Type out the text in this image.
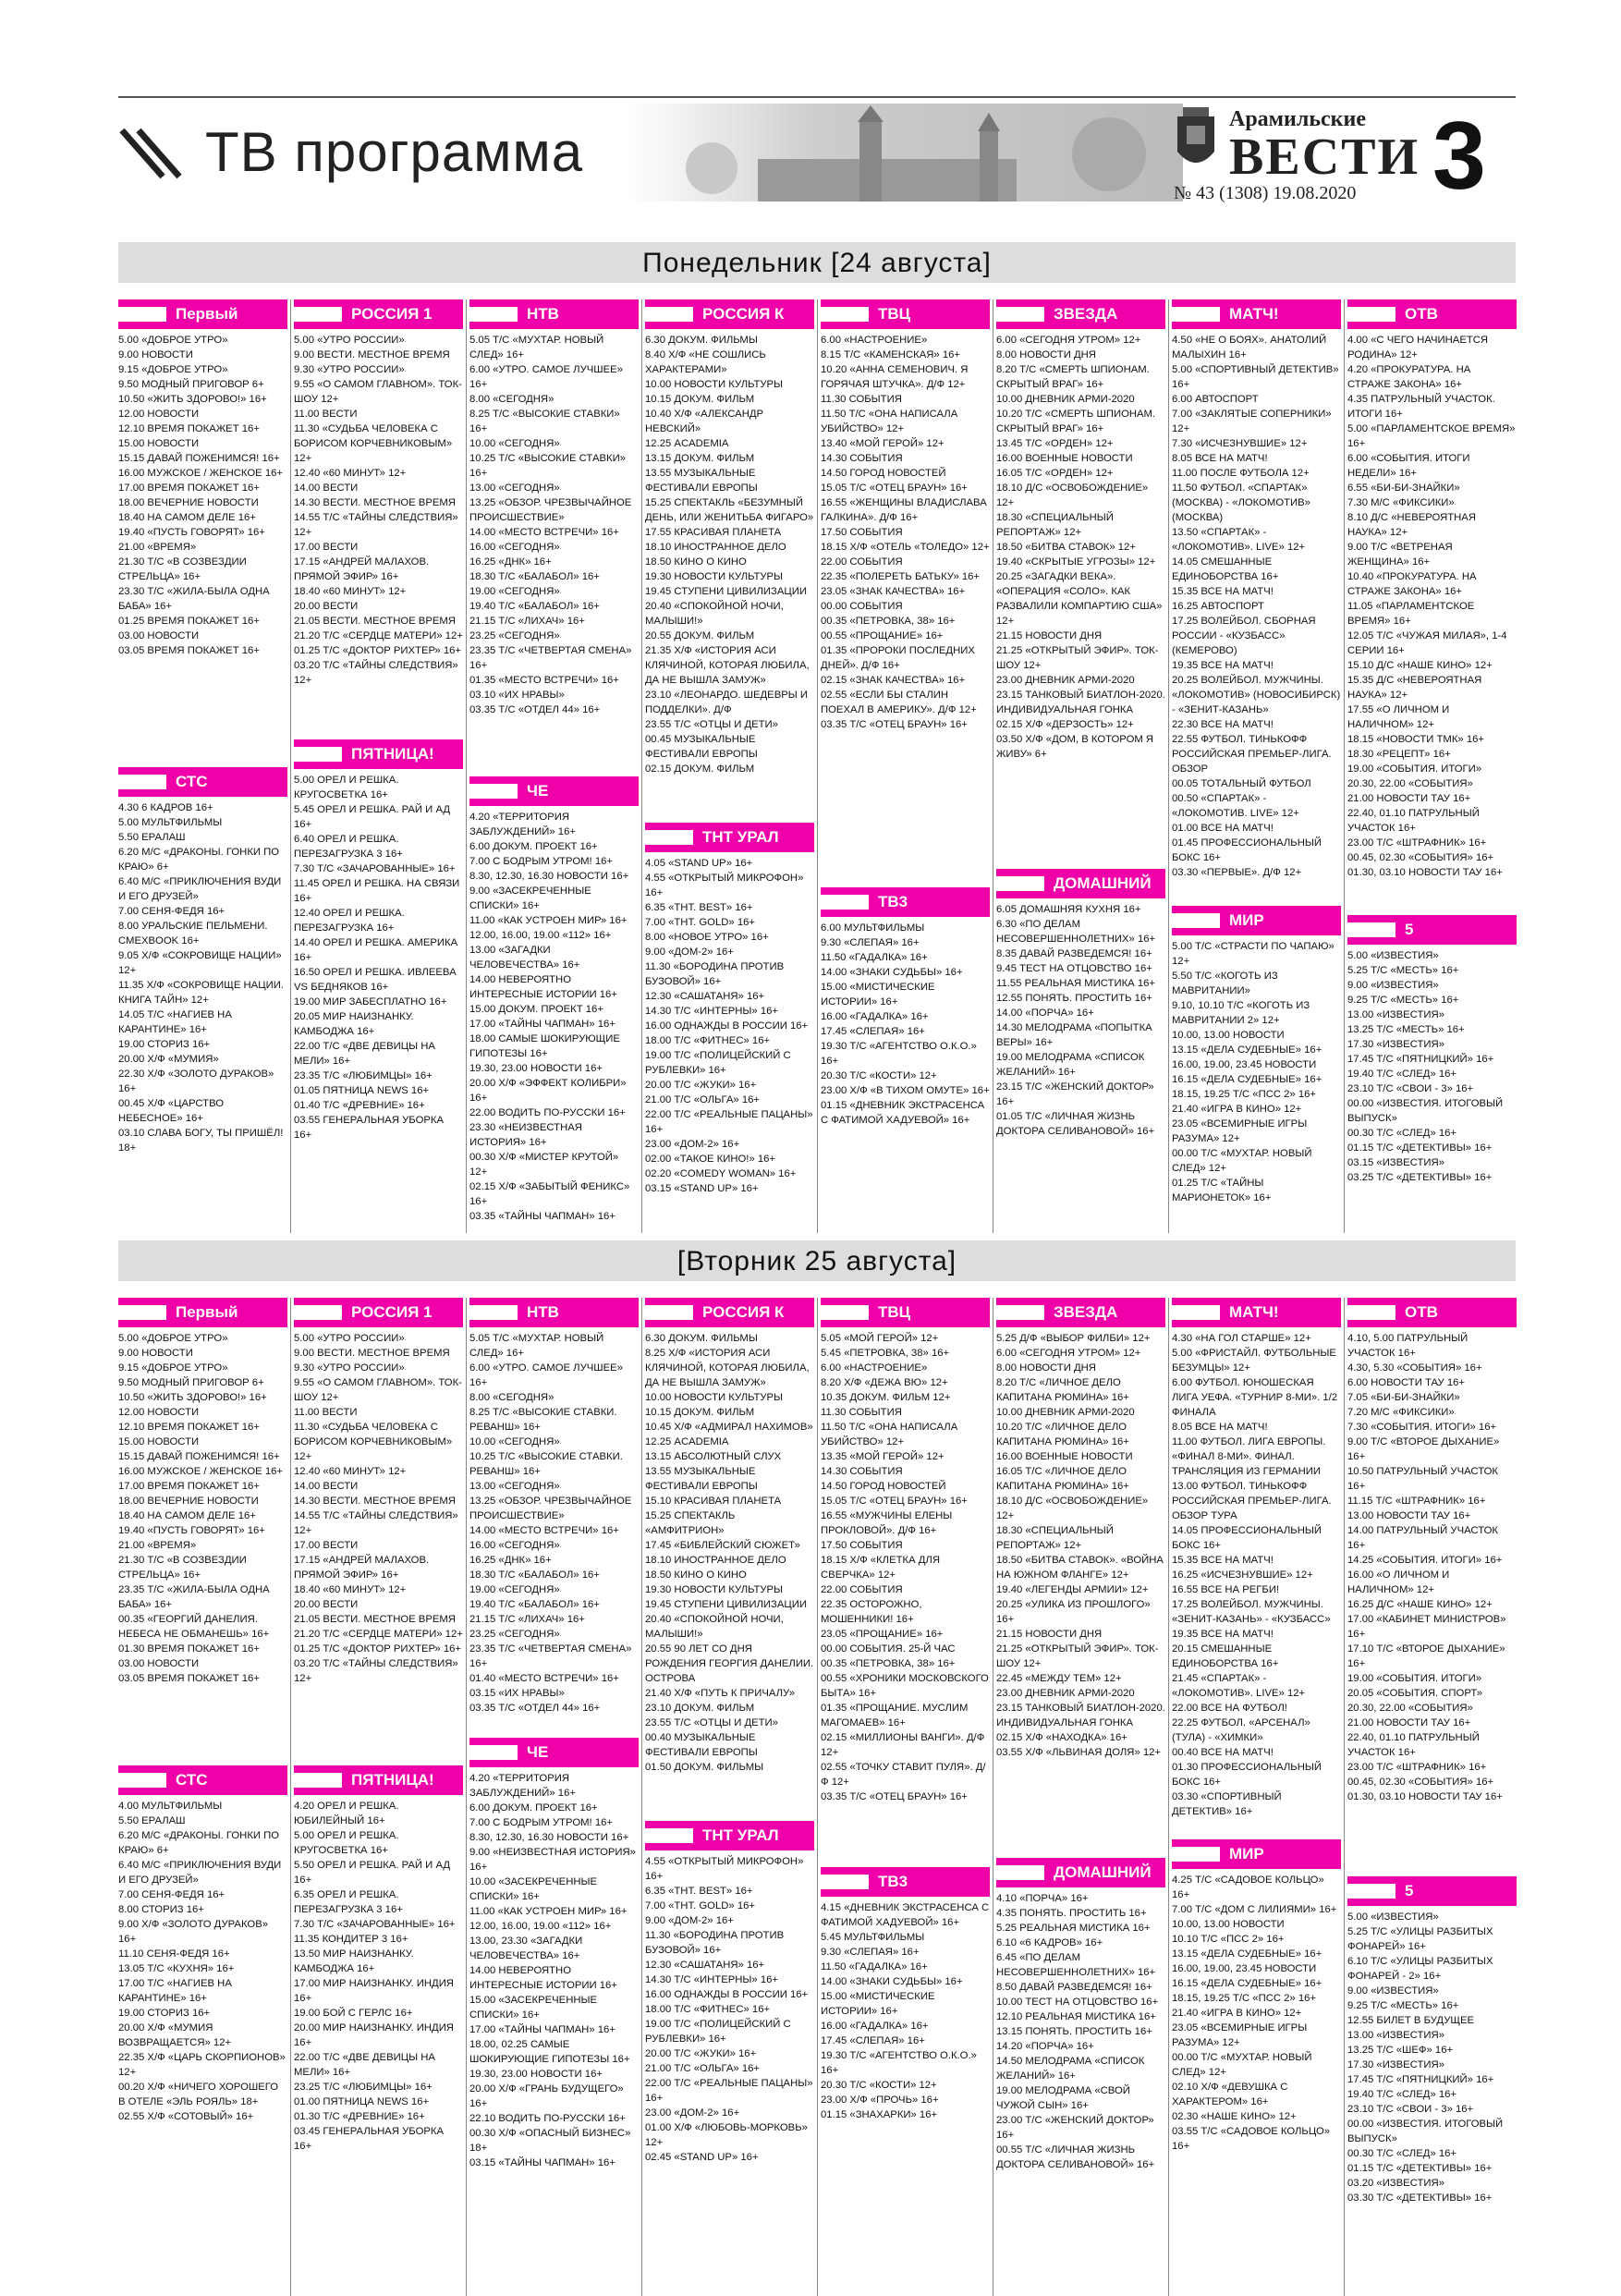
ТВ программа
Арамильские
ВЕСТИ
№ 43 (1308) 19.08.2020 3
Понедельник [24 августа]
Первый
5.00 «ДОБРОЕ УТРО»
9.00 НОВОСТИ
9.15 «ДОБРОЕ УТРО»
9.50 МОДНЫЙ ПРИГОВОР 6+
10.50 «ЖИТЬ ЗДОРОВО!» 16+
12.00 НОВОСТИ
12.10 ВРЕМЯ ПОКАЖЕТ 16+
15.00 НОВОСТИ
15.15 ДАВАЙ ПОЖЕНИМСЯ! 16+
16.00 МУЖСКОЕ / ЖЕНСКОЕ 16+
17.00 ВРЕМЯ ПОКАЖЕТ 16+
18.00 ВЕЧЕРНИЕ НОВОСТИ
18.40 НА САМОМ ДЕЛЕ 16+
19.40 «ПУСТЬ ГОВОРЯТ» 16+
21.00 «ВРЕМЯ»
21.30 Т/С «В СОЗВЕЗДИИ СТРЕЛЬЦА» 16+
23.30 Т/С «ЖИЛА-БЫЛА ОДНА БАБА» 16+
01.25 ВРЕМЯ ПОКАЖЕТ 16+
03.00 НОВОСТИ
03.05 ВРЕМЯ ПОКАЖЕТ 16+
СТС
4.30 6 КАДРОВ 16+
5.00 МУЛЬТФИЛЬМЫ
5.50 ЕРАЛАШ
6.20 М/С «ДРАКОНЫ. ГОНКИ ПО КРАЮ» 6+
6.40 М/С «ПРИКЛЮЧЕНИЯ ВУДИ И ЕГО ДРУЗЕЙ»
7.00 СЕНЯ-ФЕДЯ 16+
8.00 УРАЛЬСКИЕ ПЕЛЬМЕНИ. СМЕХBOOK 16+
9.05 Х/Ф «СОКРОВИЩЕ НАЦИИ» 12+
11.35 Х/Ф «СОКРОВИЩЕ НАЦИИ. КНИГА ТАЙН» 12+
14.05 Т/С «НАГИЕВ НА КАРАНТИНЕ» 16+
19.00 СТОРИЗ 16+
20.00 Х/Ф «МУМИЯ»
22.30 Х/Ф «ЗОЛОТО ДУРАКОВ» 16+
00.45 Х/Ф «ЦАРСТВО НЕБЕСНОЕ» 16+
03.10 СЛАВА БОГУ, ТЫ ПРИШЁЛ! 18+
РОССИЯ 1
5.00 «УТРО РОССИИ»
9.00 ВЕСТИ. МЕСТНОЕ ВРЕМЯ
9.30 «УТРО РОССИИ»
9.55 «О САМОМ ГЛАВНОМ». ТОК-ШОУ 12+
11.00 ВЕСТИ
11.30 «СУДЬБА ЧЕЛОВЕКА С БОРИСОМ КОРЧЕВНИКОВЫМ» 12+
12.40 «60 МИНУТ» 12+
14.00 ВЕСТИ
14.30 ВЕСТИ. МЕСТНОЕ ВРЕМЯ
14.55 Т/С «ТАЙНЫ СЛЕДСТВИЯ» 12+
17.00 ВЕСТИ
17.15 «АНДРЕЙ МАЛАХОВ. ПРЯМОЙ ЭФИР» 16+
18.40 «60 МИНУТ» 12+
20.00 ВЕСТИ
21.05 ВЕСТИ. МЕСТНОЕ ВРЕМЯ
21.20 Т/С «СЕРДЦЕ МАТЕРИ» 12+
01.25 Т/С «ДОКТОР РИХТЕР» 16+
03.20 Т/С «ТАЙНЫ СЛЕДСТВИЯ» 12+
ПЯТНИЦА!
5.00 ОРЕЛ И РЕШКА. КРУГОСВЕТКА 16+
5.45 ОРЕЛ И РЕШКА. РАЙ И АД 16+
6.40 ОРЕЛ И РЕШКА. ПЕРЕЗАГРУЗКА 3 16+
7.30 Т/С «ЗАЧАРОВАННЫЕ» 16+
11.45 ОРЕЛ И РЕШКА. НА СВЯЗИ 16+
12.40 ОРЕЛ И РЕШКА. ПЕРЕЗАГРУЗКА 16+
14.40 ОРЕЛ И РЕШКА. АМЕРИКА 16+
16.50 ОРЕЛ И РЕШКА. ИВЛЕЕВА VS БЕДНЯКОВ 16+
19.00 МИР ЗАБЕСПЛАТНО 16+
20.05 МИР НАИЗНАНКУ. КАМБОДЖА 16+
22.00 Т/С «ДВЕ ДЕВИЦЫ НА МЕЛИ» 16+
23.35 Т/С «ЛЮБИМЦЫ» 16+
01.05 ПЯТНИЦА NEWS 16+
01.40 Т/С «ДРЕВНИЕ» 16+
03.55 ГЕНЕРАЛЬНАЯ УБОРКА 16+
НТВ
5.05 Т/С «МУХТАР. НОВЫЙ СЛЕД» 16+
6.00 «УТРО. САМОЕ ЛУЧШЕЕ» 16+
8.00 «СЕГОДНЯ»
8.25 Т/С «ВЫСОКИЕ СТАВКИ» 16+
10.00 «СЕГОДНЯ»
10.25 Т/С «ВЫСОКИЕ СТАВКИ» 16+
13.00 «СЕГОДНЯ»
13.25 «ОБЗОР. ЧРЕЗВЫЧАЙНОЕ ПРОИСШЕСТВИЕ»
14.00 «МЕСТО ВСТРЕЧИ» 16+
16.00 «СЕГОДНЯ»
16.25 «ДНК» 16+
18.30 Т/С «БАЛАБОЛ» 16+
19.00 «СЕГОДНЯ»
19.40 Т/С «БАЛАБОЛ» 16+
21.15 Т/С «ЛИХАЧ» 16+
23.25 «СЕГОДНЯ»
23.35 Т/С «ЧЕТВЕРТАЯ СМЕНА» 16+
01.35 «МЕСТО ВСТРЕЧИ» 16+
03.10 «ИХ НРАВЫ»
03.35 Т/С «ОТДЕЛ 44» 16+
ЧЕ
4.20 «ТЕРРИТОРИЯ ЗАБЛУЖДЕНИЙ» 16+
6.00 ДОКУМ. ПРОЕКТ 16+
7.00 С БОДРЫМ УТРОМ! 16+
8.30, 12.30, 16.30 НОВОСТИ 16+
9.00 «ЗАСЕКРЕЧЕННЫЕ СПИСКИ» 16+
11.00 «КАК УСТРОЕН МИР» 16+
12.00, 16.00, 19.00 «112» 16+
13.00 «ЗАГАДКИ ЧЕЛОВЕЧЕСТВА» 16+
14.00 НЕВЕРОЯТНО ИНТЕРЕСНЫЕ ИСТОРИИ 16+
15.00 ДОКУМ. ПРОЕКТ 16+
17.00 «ТАЙНЫ ЧАПМАН» 16+
18.00 САМЫЕ ШОКИРУЮЩИЕ ГИПОТЕЗЫ 16+
19.30, 23.00 НОВОСТИ 16+
20.00 Х/Ф «ЭФФЕКТ КОЛИБРИ» 16+
22.00 ВОДИТЬ ПО-РУССКИ 16+
23.30 «НЕИЗВЕСТНАЯ ИСТОРИЯ» 16+
00.30 Х/Ф «МИСТЕР КРУТОЙ» 12+
02.15 Х/Ф «ЗАБЫТЫЙ ФЕНИКС» 16+
03.35 «ТАЙНЫ ЧАПМАН» 16+
РОССИЯ К
6.30 ДОКУМ. ФИЛЬМЫ
8.40 Х/Ф «НЕ СОШЛИСЬ ХАРАКТЕРАМИ»
10.00 НОВОСТИ КУЛЬТУРЫ
10.15 ДОКУМ. ФИЛЬМ
10.40 Х/Ф «АЛЕКСАНДР НЕВСКИЙ»
12.25 ACADEMIA
13.15 ДОКУМ. ФИЛЬМ
13.55 МУЗЫКАЛЬНЫЕ ФЕСТИВАЛИ ЕВРОПЫ
15.25 СПЕКТАКЛЬ «БЕЗУМНЫЙ ДЕНЬ, ИЛИ ЖЕНИТЬБА ФИГАРО»
17.55 КРАСИВАЯ ПЛАНЕТА
18.10 ИНОСТРАННОЕ ДЕЛО
18.50 КИНО О КИНО
19.30 НОВОСТИ КУЛЬТУРЫ
19.45 СТУПЕНИ ЦИВИЛИЗАЦИИ
20.40 «СПОКОЙНОЙ НОЧИ, МАЛЫШИ!»
20.55 ДОКУМ. ФИЛЬМ
21.35 Х/Ф «ИСТОРИЯ АСИ КЛЯЧИНОЙ, КОТОРАЯ ЛЮБИЛА, ДА НЕ ВЫШЛА ЗАМУЖ»
23.10 «ЛЕОНАРДО. ШЕДЕВРЫ И ПОДДЕЛКИ». Д/Ф
23.55 Т/С «ОТЦЫ И ДЕТИ»
00.45 МУЗЫКАЛЬНЫЕ ФЕСТИВАЛИ ЕВРОПЫ
02.15 ДОКУМ. ФИЛЬМ
ТНТ УРАЛ
4.05 «STAND UP» 16+
4.55 «ОТКРЫТЫЙ МИКРОФОН» 16+
6.35 «ТНТ. BEST» 16+
7.00 «ТНТ. GOLD» 16+
8.00 «НОВОЕ УТРО» 16+
9.00 «ДОМ-2» 16+
11.30 «БОРОДИНА ПРОТИВ БУЗОВОЙ» 16+
12.30 «САШАТАНЯ» 16+
14.30 Т/С «ИНТЕРНЫ» 16+
16.00 ОДНАЖДЫ В РОССИИ 16+
18.00 Т/С «ФИТНЕС» 16+
19.00 Т/С «ПОЛИЦЕЙСКИЙ С РУБЛЕВКИ» 16+
20.00 Т/С «ЖУКИ» 16+
21.00 Т/С «ОЛЬГА» 16+
22.00 Т/С «РЕАЛЬНЫЕ ПАЦАНЫ» 16+
23.00 «ДОМ-2» 16+
02.00 «ТАКОЕ КИНО!» 16+
02.20 «COMEDY WOMAN» 16+
03.15 «STAND UP» 16+
ТВЦ
6.00 «НАСТРОЕНИЕ»
8.15 Т/С «КАМЕНСКАЯ» 16+
10.20 «АННА СЕМЕНОВИЧ. Я ГОРЯЧАЯ ШТУЧКА». Д/Ф 12+
11.30 СОБЫТИЯ
11.50 Т/С «ОНА НАПИСАЛА УБИЙСТВО» 12+
13.40 «МОЙ ГЕРОЙ» 12+
14.30 СОБЫТИЯ
14.50 ГОРОД НОВОСТЕЙ
15.05 Т/С «ОТЕЦ БРАУН» 16+
16.55 «ЖЕНЩИНЫ ВЛАДИСЛАВА ГАЛКИНА». Д/Ф 16+
17.50 СОБЫТИЯ
18.15 Х/Ф «ОТЕЛЬ «ТОЛЕДО» 12+
22.00 СОБЫТИЯ
22.35 «ПОЛЕРЕТЬ БАТЬКУ» 16+
23.05 «ЗНАК КАЧЕСТВА» 16+
00.00 СОБЫТИЯ
00.35 «ПЕТРОВКА, 38» 16+
00.55 «ПРОЩАНИЕ» 16+
01.35 «ПРОРОКИ ПОСЛЕДНИХ ДНЕЙ». Д/Ф 16+
02.15 «ЗНАК КАЧЕСТВА» 16+
02.55 «ЕСЛИ БЫ СТАЛИН ПОЕХАЛ В АМЕРИКУ». Д/Ф 12+
03.35 Т/С «ОТЕЦ БРАУН» 16+
ТВ3
6.00 МУЛЬТФИЛЬМЫ
9.30 «СЛЕПАЯ» 16+
11.50 «ГАДАЛКА» 16+
14.00 «ЗНАКИ СУДЬБЫ» 16+
15.00 «МИСТИЧЕСКИЕ ИСТОРИИ» 16+
16.00 «ГАДАЛКА» 16+
17.45 «СЛЕПАЯ» 16+
19.30 Т/С «АГЕНТСТВО О.К.О.» 16+
20.30 Т/С «КОСТИ» 12+
23.00 Х/Ф «В ТИХОМ ОМУТЕ» 16+
01.15 «ДНЕВНИК ЭКСТРАСЕНСА С ФАТИМОЙ ХАДУЕВОЙ» 16+
ЗВЕЗДА
6.00 «СЕГОДНЯ УТРОМ» 12+
8.00 НОВОСТИ ДНЯ
8.20 Т/С «СМЕРТЬ ШПИОНАМ. СКРЫТЫЙ ВРАГ» 16+
10.00 ДНЕВНИК АРМИ-2020
10.20 Т/С «СМЕРТЬ ШПИОНАМ. СКРЫТЫЙ ВРАГ» 16+
13.45 Т/С «ОРДЕН» 12+
16.00 ВОЕННЫЕ НОВОСТИ
16.05 Т/С «ОРДЕН» 12+
18.10 Д/С «ОСВОБОЖДЕНИЕ» 12+
18.30 «СПЕЦИАЛЬНЫЙ РЕПОРТАЖ» 12+
18.50 «БИТВА СТАВОК» 12+
19.40 «СКРЫТЫЕ УГРОЗЫ» 12+
20.25 «ЗАГАДКИ ВЕКА». «ОПЕРАЦИЯ «СОЛО». КАК РАЗВАЛИЛИ КОМПАРТИЮ США» 12+
21.15 НОВОСТИ ДНЯ
21.25 «ОТКРЫТЫЙ ЭФИР». ТОК-ШОУ 12+
23.00 ДНЕВНИК АРМИ-2020
23.15 ТАНКОВЫЙ БИАТЛОН-2020. ИНДИВИДУАЛЬНАЯ ГОНКА
02.15 Х/Ф «ДЕРЗОСТЬ» 12+
03.50 Х/Ф «ДОМ, В КОТОРОМ Я ЖИВУ» 6+
ДОМАШНИЙ
6.05 ДОМАШНЯЯ КУХНЯ 16+
6.30 «ПО ДЕЛАМ НЕСОВЕРШЕННОЛЕТНИХ» 16+
8.35 ДАВАЙ РАЗВЕДЕМСЯ! 16+
9.45 ТЕСТ НА ОТЦОВСТВО 16+
11.55 РЕАЛЬНАЯ МИСТИКА 16+
12.55 ПОНЯТЬ. ПРОСТИТЬ 16+
14.00 «ПОРЧА» 16+
14.30 МЕЛОДРАМА «ПОПЫТКА ВЕРЫ» 16+
19.00 МЕЛОДРАМА «СПИСОК ЖЕЛАНИЙ» 16+
23.15 Т/С «ЖЕНСКИЙ ДОКТОР» 16+
01.05 Т/С «ЛИЧНАЯ ЖИЗНЬ ДОКТОРА СЕЛИВАНОВОЙ» 16+
МАТЧ!
4.50 «НЕ О БОЯХ». АНАТОЛИЙ МАЛЫХИН 16+
5.00 «СПОРТИВНЫЙ ДЕТЕКТИВ» 16+
6.00 АВТОСПОРТ
7.00 «ЗАКЛЯТЫЕ СОПЕРНИКИ» 12+
7.30 «ИСЧЕЗНУВШИЕ» 12+
8.05 ВСЕ НА МАТЧ!
11.00 ПОСЛЕ ФУТБОЛА 12+
11.50 ФУТБОЛ. «СПАРТАК» (МОСКВА) - «ЛОКОМОТИВ» (МОСКВА)
13.50 «СПАРТАК» - «ЛОКОМОТИВ». LIVE» 12+
14.05 СМЕШАННЫЕ ЕДИНОБОРСТВА 16+
15.35 ВСЕ НА МАТЧ!
16.25 АВТОСПОРТ
17.25 ВОЛЕЙБОЛ. СБОРНАЯ РОССИИ - «КУЗБАСС» (КЕМЕРОВО)
19.35 ВСЕ НА МАТЧ!
20.25 ВОЛЕЙБОЛ. МУЖЧИНЫ. «ЛОКОМОТИВ» (НОВОСИБИРСК) - «ЗЕНИТ-КАЗАНЬ»
22.30 ВСЕ НА МАТЧ!
22.55 ФУТБОЛ. ТИНЬКОФФ РОССИЙСКАЯ ПРЕМЬЕР-ЛИГА. ОБЗОР
00.05 ТОТАЛЬНЫЙ ФУТБОЛ
00.50 «СПАРТАК» - «ЛОКОМОТИВ. LIVE» 12+
01.00 ВСЕ НА МАТЧ!
01.45 ПРОФЕССИОНАЛЬНЫЙ БОКС 16+
03.30 «ПЕРВЫЕ». Д/Ф 12+
МИР
5.00 Т/С «СТРАСТИ ПО ЧАПАЮ» 12+
5.50 Т/С «КОГОТЬ ИЗ МАВРИТАНИИ»
9.10, 10.10 Т/С «КОГОТЬ ИЗ МАВРИТАНИИ 2» 12+
10.00, 13.00 НОВОСТИ
13.15 «ДЕЛА СУДЕБНЫЕ» 16+
16.00, 19.00, 23.45 НОВОСТИ
16.15 «ДЕЛА СУДЕБНЫЕ» 16+
18.15, 19.25 Т/С «ПСС 2» 16+
21.40 «ИГРА В КИНО» 12+
23.05 «ВСЕМИРНЫЕ ИГРЫ РАЗУМА» 12+
00.00 Т/С «МУХТАР. НОВЫЙ СЛЕД» 12+
01.25 Т/С «ТАЙНЫ МАРИОНЕТОК» 16+
ОТВ
4.00 «С ЧЕГО НАЧИНАЕТСЯ РОДИНА» 12+
4.20 «ПРОКУРАТУРА. НА СТРАЖЕ ЗАКОНА» 16+
4.35 ПАТРУЛЬНЫЙ УЧАСТОК. ИТОГИ 16+
5.00 «ПАРЛАМЕНТСКОЕ ВРЕМЯ» 16+
6.00 «СОБЫТИЯ. ИТОГИ НЕДЕЛИ» 16+
6.55 «БИ-БИ-ЗНАЙКИ»
7.30 М/С «ФИКСИКИ»
8.10 Д/С «НЕВЕРОЯТНАЯ НАУКА» 12+
9.00 Т/С «ВЕТРЕНАЯ ЖЕНЩИНА» 16+
10.40 «ПРОКУРАТУРА. НА СТРАЖЕ ЗАКОНА» 16+
11.05 «ПАРЛАМЕНТСКОЕ ВРЕМЯ» 16+
12.05 Т/С «ЧУЖАЯ МИЛАЯ», 1-4 СЕРИИ 16+
15.10 Д/С «НАШЕ КИНО» 12+
15.35 Д/С «НЕВЕРОЯТНАЯ НАУКА» 12+
17.55 «О ЛИЧНОМ И НАЛИЧНОМ» 12+
18.15 «НОВОСТИ ТМК» 16+
18.30 «РЕЦЕПТ» 16+
19.00 «СОБЫТИЯ. ИТОГИ»
20.30, 22.00 «СОБЫТИЯ»
21.00 НОВОСТИ ТАУ 16+
22.40, 01.10 ПАТРУЛЬНЫЙ УЧАСТОК 16+
23.00 Т/С «ШТРАФНИК» 16+
00.45, 02.30 «СОБЫТИЯ» 16+
01.30, 03.10 НОВОСТИ ТАУ 16+
5
5.00 «ИЗВЕСТИЯ»
5.25 Т/С «МЕСТЬ» 16+
9.00 «ИЗВЕСТИЯ»
9.25 Т/С «МЕСТЬ» 16+
13.00 «ИЗВЕСТИЯ»
13.25 Т/С «МЕСТЬ» 16+
17.30 «ИЗВЕСТИЯ»
17.45 Т/С «ПЯТНИЦКИЙ» 16+
19.40 Т/С «СЛЕД» 16+
23.10 Т/С «СВОИ - 3» 16+
00.00 «ИЗВЕСТИЯ. ИТОГОВЫЙ ВЫПУСК»
00.30 Т/С «СЛЕД» 16+
01.15 Т/С «ДЕТЕКТИВЫ» 16+
03.15 «ИЗВЕСТИЯ»
03.25 Т/С «ДЕТЕКТИВЫ» 16+
[Вторник 25 августа]
Первый
5.00 «ДОБРОЕ УТРО»
9.00 НОВОСТИ
9.15 «ДОБРОЕ УТРО»
9.50 МОДНЫЙ ПРИГОВОР 6+
10.50 «ЖИТЬ ЗДОРОВО!» 16+
12.00 НОВОСТИ
12.10 ВРЕМЯ ПОКАЖЕТ 16+
15.00 НОВОСТИ
15.15 ДАВАЙ ПОЖЕНИМСЯ! 16+
16.00 МУЖСКОЕ / ЖЕНСКОЕ 16+
17.00 ВРЕМЯ ПОКАЖЕТ 16+
18.00 ВЕЧЕРНИЕ НОВОСТИ
18.40 НА САМОМ ДЕЛЕ 16+
19.40 «ПУСТЬ ГОВОРЯТ» 16+
21.00 «ВРЕМЯ»
21.30 Т/С «В СОЗВЕЗДИИ СТРЕЛЬЦА» 16+
23.35 Т/С «ЖИЛА-БЫЛА ОДНА БАБА» 16+
00.35 «ГЕОРГИЙ ДАНЕЛИЯ. НЕБЕСА НЕ ОБМАНЕШЬ» 16+
01.30 ВРЕМЯ ПОКАЖЕТ 16+
03.00 НОВОСТИ
03.05 ВРЕМЯ ПОКАЖЕТ 16+
СТС
4.00 МУЛЬТФИЛЬМЫ
5.50 ЕРАЛАШ
6.20 М/С «ДРАКОНЫ. ГОНКИ ПО КРАЮ» 6+
6.40 М/С «ПРИКЛЮЧЕНИЯ ВУДИ И ЕГО ДРУЗЕЙ»
7.00 СЕНЯ-ФЕДЯ 16+
8.00 СТОРИЗ 16+
9.00 Х/Ф «ЗОЛОТО ДУРАКОВ» 16+
11.10 СЕНЯ-ФЕДЯ 16+
13.05 Т/С «КУХНЯ» 16+
17.00 Т/С «НАГИЕВ НА КАРАНТИНЕ» 16+
19.00 СТОРИЗ 16+
20.00 Х/Ф «МУМИЯ ВОЗВРАЩАЕТСЯ» 12+
22.35 Х/Ф «ЦАРЬ СКОРПИОНОВ» 12+
00.20 Х/Ф «НИЧЕГО ХОРОШЕГО В ОТЕЛЕ «ЭЛЬ РОЯЛЬ» 18+
02.55 Х/Ф «СОТОВЫЙ» 16+
РОССИЯ 1
5.00 «УТРО РОССИИ»
9.00 ВЕСТИ. МЕСТНОЕ ВРЕМЯ
9.30 «УТРО РОССИИ»
9.55 «О САМОМ ГЛАВНОМ». ТОК-ШОУ 12+
11.00 ВЕСТИ
11.30 «СУДЬБА ЧЕЛОВЕКА С БОРИСОМ КОРЧЕВНИКОВЫМ» 12+
12.40 «60 МИНУТ» 12+
14.00 ВЕСТИ
14.30 ВЕСТИ. МЕСТНОЕ ВРЕМЯ
14.55 Т/С «ТАЙНЫ СЛЕДСТВИЯ» 12+
17.00 ВЕСТИ
17.15 «АНДРЕЙ МАЛАХОВ. ПРЯМОЙ ЭФИР» 16+
18.40 «60 МИНУТ» 12+
20.00 ВЕСТИ
21.05 ВЕСТИ. МЕСТНОЕ ВРЕМЯ
21.20 Т/С «СЕРДЦЕ МАТЕРИ» 12+
01.25 Т/С «ДОКТОР РИХТЕР» 16+
03.20 Т/С «ТАЙНЫ СЛЕДСТВИЯ» 12+
ПЯТНИЦА!
4.20 ОРЕЛ И РЕШКА. ЮБИЛЕЙНЫЙ 16+
5.00 ОРЕЛ И РЕШКА. КРУГОСВЕТКА 16+
5.50 ОРЕЛ И РЕШКА. РАЙ И АД 16+
6.35 ОРЕЛ И РЕШКА. ПЕРЕЗАГРУЗКА 3 16+
7.30 Т/С «ЗАЧАРОВАННЫЕ» 16+
11.35 КОНДИТЕР 3 16+
13.50 МИР НАИЗНАНКУ. КАМБОДЖА 16+
17.00 МИР НАИЗНАНКУ. ИНДИЯ 16+
19.00 БОЙ С ГЕРЛС 16+
20.00 МИР НАИЗНАНКУ. ИНДИЯ 16+
22.00 Т/С «ДВЕ ДЕВИЦЫ НА МЕЛИ» 16+
23.25 Т/С «ЛЮБИМЦЫ» 16+
01.00 ПЯТНИЦА NEWS 16+
01.30 Т/С «ДРЕВНИЕ» 16+
03.45 ГЕНЕРАЛЬНАЯ УБОРКА 16+
НТВ
5.05 Т/С «МУХТАР. НОВЫЙ СЛЕД» 16+
6.00 «УТРО. САМОЕ ЛУЧШЕЕ» 16+
8.00 «СЕГОДНЯ»
8.25 Т/С «ВЫСОКИЕ СТАВКИ. РЕВАНШ» 16+
10.00 «СЕГОДНЯ»
10.25 Т/С «ВЫСОКИЕ СТАВКИ. РЕВАНШ» 16+
13.00 «СЕГОДНЯ»
13.25 «ОБЗОР. ЧРЕЗВЫЧАЙНОЕ ПРОИСШЕСТВИЕ»
14.00 «МЕСТО ВСТРЕЧИ» 16+
16.00 «СЕГОДНЯ»
16.25 «ДНК» 16+
18.30 Т/С «БАЛАБОЛ» 16+
19.00 «СЕГОДНЯ»
19.40 Т/С «БАЛАБОЛ» 16+
21.15 Т/С «ЛИХАЧ» 16+
23.25 «СЕГОДНЯ»
23.35 Т/С «ЧЕТВЕРТАЯ СМЕНА» 16+
01.40 «МЕСТО ВСТРЕЧИ» 16+
03.15 «ИХ НРАВЫ»
03.35 Т/С «ОТДЕЛ 44» 16+
ЧЕ
4.20 «ТЕРРИТОРИЯ ЗАБЛУЖДЕНИЙ» 16+
6.00 ДОКУМ. ПРОЕКТ 16+
7.00 С БОДРЫМ УТРОМ! 16+
8.30, 12.30, 16.30 НОВОСТИ 16+
9.00 «НЕИЗВЕСТНАЯ ИСТОРИЯ» 16+
10.00 «ЗАСЕКРЕЧЕННЫЕ СПИСКИ» 16+
11.00 «КАК УСТРОЕН МИР» 16+
12.00, 16.00, 19.00 «112» 16+
13.00, 23.30 «ЗАГАДКИ ЧЕЛОВЕЧЕСТВА» 16+
14.00 НЕВЕРОЯТНО ИНТЕРЕСНЫЕ ИСТОРИИ 16+
15.00 «ЗАСЕКРЕЧЕННЫЕ СПИСКИ» 16+
17.00 «ТАЙНЫ ЧАПМАН» 16+
18.00, 02.25 САМЫЕ ШОКИРУЮЩИЕ ГИПОТЕЗЫ 16+
19.30, 23.00 НОВОСТИ 16+
20.00 Х/Ф «ГРАНЬ БУДУЩЕГО» 16+
22.10 ВОДИТЬ ПО-РУССКИ 16+
00.30 Х/Ф «ОПАСНЫЙ БИЗНЕС» 18+
03.15 «ТАЙНЫ ЧАПМАН» 16+
РОССИЯ К
6.30 ДОКУМ. ФИЛЬМЫ
8.25 Х/Ф «ИСТОРИЯ АСИ КЛЯЧИНОЙ, КОТОРАЯ ЛЮБИЛА, ДА НЕ ВЫШЛА ЗАМУЖ»
10.00 НОВОСТИ КУЛЬТУРЫ
10.15 ДОКУМ. ФИЛЬМ
10.45 Х/Ф «АДМИРАЛ НАХИМОВ»
12.25 ACADEMIA
13.15 АБСОЛЮТНЫЙ СЛУХ
13.55 МУЗЫКАЛЬНЫЕ ФЕСТИВАЛИ ЕВРОПЫ
15.10 КРАСИВАЯ ПЛАНЕТА
15.25 СПЕКТАКЛЬ «АМФИТРИОН»
17.45 «БИБЛЕЙСКИЙ СЮЖЕТ»
18.10 ИНОСТРАННОЕ ДЕЛО
18.50 КИНО О КИНО
19.30 НОВОСТИ КУЛЬТУРЫ
19.45 СТУПЕНИ ЦИВИЛИЗАЦИИ
20.40 «СПОКОЙНОЙ НОЧИ, МАЛЫШИ!»
20.55 90 ЛЕТ СО ДНЯ РОЖДЕНИЯ ГЕОРГИЯ ДАНЕЛИИ. ОСТРОВА
21.40 Х/Ф «ПУТЬ К ПРИЧАЛУ»
23.10 ДОКУМ. ФИЛЬМ
23.55 Т/С «ОТЦЫ И ДЕТИ»
00.40 МУЗЫКАЛЬНЫЕ ФЕСТИВАЛИ ЕВРОПЫ
01.50 ДОКУМ. ФИЛЬМЫ
ТНТ УРАЛ
4.55 «ОТКРЫТЫЙ МИКРОФОН» 16+
6.35 «ТНТ. BEST» 16+
7.00 «ТНТ. GOLD» 16+
9.00 «ДОМ-2» 16+
11.30 «БОРОДИНА ПРОТИВ БУЗОВОЙ» 16+
12.30 «САШАТАНЯ» 16+
14.30 Т/С «ИНТЕРНЫ» 16+
16.00 ОДНАЖДЫ В РОССИИ 16+
18.00 Т/С «ФИТНЕС» 16+
19.00 Т/С «ПОЛИЦЕЙСКИЙ С РУБЛЕВКИ» 16+
20.00 Т/С «ЖУКИ» 16+
21.00 Т/С «ОЛЬГА» 16+
22.00 Т/С «РЕАЛЬНЫЕ ПАЦАНЫ» 16+
23.00 «ДОМ-2» 16+
01.00 Х/Ф «ЛЮБОВЬ-МОРКОВЬ» 12+
02.45 «STAND UP» 16+
ТВЦ
5.05 «МОЙ ГЕРОЙ» 12+
5.45 «ПЕТРОВКА, 38» 16+
6.00 «НАСТРОЕНИЕ»
8.20 Х/Ф «ДЕЖА ВЮ» 12+
10.35 ДОКУМ. ФИЛЬМ 12+
11.30 СОБЫТИЯ
11.50 Т/С «ОНА НАПИСАЛА УБИЙСТВО» 12+
13.35 «МОЙ ГЕРОЙ» 12+
14.30 СОБЫТИЯ
14.50 ГОРОД НОВОСТЕЙ
15.05 Т/С «ОТЕЦ БРАУН» 16+
16.55 «МУЖЧИНЫ ЕЛЕНЫ ПРОКЛОВОЙ». Д/Ф 16+
17.50 СОБЫТИЯ
18.15 Х/Ф «КЛЕТКА ДЛЯ СВЕРЧКА» 12+
22.00 СОБЫТИЯ
22.35 ОСТОРОЖНО, МОШЕННИКИ! 16+
23.05 «ПРОЩАНИЕ» 16+
00.00 СОБЫТИЯ. 25-Й ЧАС
00.35 «ПЕТРОВКА, 38» 16+
00.55 «ХРОНИКИ МОСКОВСКОГО БЫТА» 16+
01.35 «ПРОЩАНИЕ. МУСЛИМ МАГОМАЕВ» 16+
02.15 «МИЛЛИОНЫ ВАНГИ». Д/Ф 12+
02.55 «ТОЧКУ СТАВИТ ПУЛЯ». Д/Ф 12+
03.35 Т/С «ОТЕЦ БРАУН» 16+
ТВ3
4.15 «ДНЕВНИК ЭКСТРАСЕНСА С ФАТИМОЙ ХАДУЕВОЙ» 16+
5.45 МУЛЬТФИЛЬМЫ
9.30 «СЛЕПАЯ» 16+
11.50 «ГАДАЛКА» 16+
14.00 «ЗНАКИ СУДЬБЫ» 16+
15.00 «МИСТИЧЕСКИЕ ИСТОРИИ» 16+
16.00 «ГАДАЛКА» 16+
17.45 «СЛЕПАЯ» 16+
19.30 Т/С «АГЕНТСТВО О.К.О.» 16+
20.30 Т/С «КОСТИ» 12+
23.00 Х/Ф «ПРОЧЬ» 16+
01.15 «ЗНАХАРКИ» 16+
ЗВЕЗДА
5.25 Д/Ф «ВЫБОР ФИЛБИ» 12+
6.00 «СЕГОДНЯ УТРОМ» 12+
8.00 НОВОСТИ ДНЯ
8.20 Т/С «ЛИЧНОЕ ДЕЛО КАПИТАНА РЮМИНА» 16+
10.00 ДНЕВНИК АРМИ-2020
10.20 Т/С «ЛИЧНОЕ ДЕЛО КАПИТАНА РЮМИНА» 16+
16.00 ВОЕННЫЕ НОВОСТИ
16.05 Т/С «ЛИЧНОЕ ДЕЛО КАПИТАНА РЮМИНА» 16+
18.10 Д/С «ОСВОБОЖДЕНИЕ» 12+
18.30 «СПЕЦИАЛЬНЫЙ РЕПОРТАЖ» 12+
18.50 «БИТВА СТАВОК». «ВОЙНА НА ЮЖНОМ ФЛАНГЕ» 12+
19.40 «ЛЕГЕНДЫ АРМИИ» 12+
20.25 «УЛИКА ИЗ ПРОШЛОГО» 16+
21.15 НОВОСТИ ДНЯ
21.25 «ОТКРЫТЫЙ ЭФИР». ТОК-ШОУ 12+
22.45 «МЕЖДУ ТЕМ» 12+
23.00 ДНЕВНИК АРМИ-2020
23.15 ТАНКОВЫЙ БИАТЛОН-2020. ИНДИВИДУАЛЬНАЯ ГОНКА
02.15 Х/Ф «НАХОДКА» 16+
03.55 Х/Ф «ЛЬВИНАЯ ДОЛЯ» 12+
ДОМАШНИЙ
4.10 «ПОРЧА» 16+
4.35 ПОНЯТЬ. ПРОСТИТЬ 16+
5.25 РЕАЛЬНАЯ МИСТИКА 16+
6.10 «6 КАДРОВ» 16+
6.45 «ПО ДЕЛАМ НЕСОВЕРШЕННОЛЕТНИХ» 16+
8.50 ДАВАЙ РАЗВЕДЕМСЯ! 16+
10.00 ТЕСТ НА ОТЦОВСТВО 16+
12.10 РЕАЛЬНАЯ МИСТИКА 16+
13.15 ПОНЯТЬ. ПРОСТИТЬ 16+
14.20 «ПОРЧА» 16+
14.50 МЕЛОДРАМА «СПИСОК ЖЕЛАНИЙ» 16+
19.00 МЕЛОДРАМА «СВОЙ ЧУЖОЙ СЫН» 16+
23.00 Т/С «ЖЕНСКИЙ ДОКТОР» 16+
00.55 Т/С «ЛИЧНАЯ ЖИЗНЬ ДОКТОРА СЕЛИВАНОВОЙ» 16+
МАТЧ!
4.30 «НА ГОЛ СТАРШЕ» 12+
5.00 «ФРИСТАЙЛ. ФУТБОЛЬНЫЕ БЕЗУМЦЫ» 12+
6.00 ФУТБОЛ. ЮНОШЕСКАЯ ЛИГА УЕФА. «ТУРНИР 8-МИ». 1/2 ФИНАЛА
8.05 ВСЕ НА МАТЧ!
11.00 ФУТБОЛ. ЛИГА ЕВРОПЫ. «ФИНАЛ 8-МИ». ФИНАЛ. ТРАНСЛЯЦИЯ ИЗ ГЕРМАНИИ
13.00 ФУТБОЛ. ТИНЬКОФФ РОССИЙСКАЯ ПРЕМЬЕР-ЛИГА. ОБЗОР ТУРА
14.05 ПРОФЕССИОНАЛЬНЫЙ БОКС 16+
15.35 ВСЕ НА МАТЧ!
16.25 «ИСЧЕЗНУВШИЕ» 12+
16.55 ВСЕ НА РЕГБИ!
17.25 ВОЛЕЙБОЛ. МУЖЧИНЫ. «ЗЕНИТ-КАЗАНЬ» - «КУЗБАСС»
19.35 ВСЕ НА МАТЧ!
20.15 СМЕШАННЫЕ ЕДИНОБОРСТВА 16+
21.45 «СПАРТАК» - «ЛОКОМОТИВ». LIVE» 12+
22.00 ВСЕ НА ФУТБОЛ!
22.25 ФУТБОЛ. «АРСЕНАЛ» (ТУЛА) - «ХИМКИ»
00.40 ВСЕ НА МАТЧ!
01.30 ПРОФЕССИОНАЛЬНЫЙ БОКС 16+
03.30 «СПОРТИВНЫЙ ДЕТЕКТИВ» 16+
МИР
4.25 Т/С «САДОВОЕ КОЛЬЦО» 16+
7.00 Т/С «ДОМ С ЛИЛИЯМИ» 16+
10.00, 13.00 НОВОСТИ
10.10 Т/С «ПСС 2» 16+
13.15 «ДЕЛА СУДЕБНЫЕ» 16+
16.00, 19.00, 23.45 НОВОСТИ
16.15 «ДЕЛА СУДЕБНЫЕ» 16+
18.15, 19.25 Т/С «ПСС 2» 16+
21.40 «ИГРА В КИНО» 12+
23.05 «ВСЕМИРНЫЕ ИГРЫ РАЗУМА» 12+
00.00 Т/С «МУХТАР. НОВЫЙ СЛЕД» 12+
02.10 Х/Ф «ДЕВУШКА С ХАРАКТЕРОМ» 16+
02.30 «НАШЕ КИНО» 12+
03.55 Т/С «САДОВОЕ КОЛЬЦО» 16+
ОТВ
4.10, 5.00 ПАТРУЛЬНЫЙ УЧАСТОК 16+
4.30, 5.30 «СОБЫТИЯ» 16+
6.00 НОВОСТИ ТАУ 16+
7.05 «БИ-БИ-ЗНАЙКИ»
7.20 М/С «ФИКСИКИ»
7.30 «СОБЫТИЯ. ИТОГИ» 16+
9.00 Т/С «ВТОРОЕ ДЫХАНИЕ» 16+
10.50 ПАТРУЛЬНЫЙ УЧАСТОК 16+
11.15 Т/С «ШТРАФНИК» 16+
13.00 НОВОСТИ ТАУ 16+
14.00 ПАТРУЛЬНЫЙ УЧАСТОК 16+
14.25 «СОБЫТИЯ. ИТОГИ» 16+
16.00 «О ЛИЧНОМ И НАЛИЧНОМ» 12+
16.25 Д/С «НАШЕ КИНО» 12+
17.00 «КАБИНЕТ МИНИСТРОВ» 16+
17.10 Т/С «ВТОРОЕ ДЫХАНИЕ» 16+
19.00 «СОБЫТИЯ. ИТОГИ»
20.05 «СОБЫТИЯ. СПОРТ»
20.30, 22.00 «СОБЫТИЯ»
21.00 НОВОСТИ ТАУ 16+
22.40, 01.10 ПАТРУЛЬНЫЙ УЧАСТОК 16+
23.00 Т/С «ШТРАФНИК» 16+
00.45, 02.30 «СОБЫТИЯ» 16+
01.30, 03.10 НОВОСТИ ТАУ 16+
5
5.00 «ИЗВЕСТИЯ»
5.25 Т/С «УЛИЦЫ РАЗБИТЫХ ФОНАРЕЙ» 16+
6.10 Т/С «УЛИЦЫ РАЗБИТЫХ ФОНАРЕЙ - 2» 16+
9.00 «ИЗВЕСТИЯ»
9.25 Т/С «МЕСТЬ» 16+
12.55 БИЛЕТ В БУДУЩЕЕ
13.00 «ИЗВЕСТИЯ»
13.25 Т/С «ШЕФ» 16+
17.30 «ИЗВЕСТИЯ»
17.45 Т/С «ПЯТНИЦКИЙ» 16+
19.40 Т/С «СЛЕД» 16+
23.10 Т/С «СВОИ - 3» 16+
00.00 «ИЗВЕСТИЯ. ИТОГОВЫЙ ВЫПУСК»
00.30 Т/С «СЛЕД» 16+
01.15 Т/С «ДЕТЕКТИВЫ» 16+
03.20 «ИЗВЕСТИЯ»
03.30 Т/С «ДЕТЕКТИВЫ» 16+
